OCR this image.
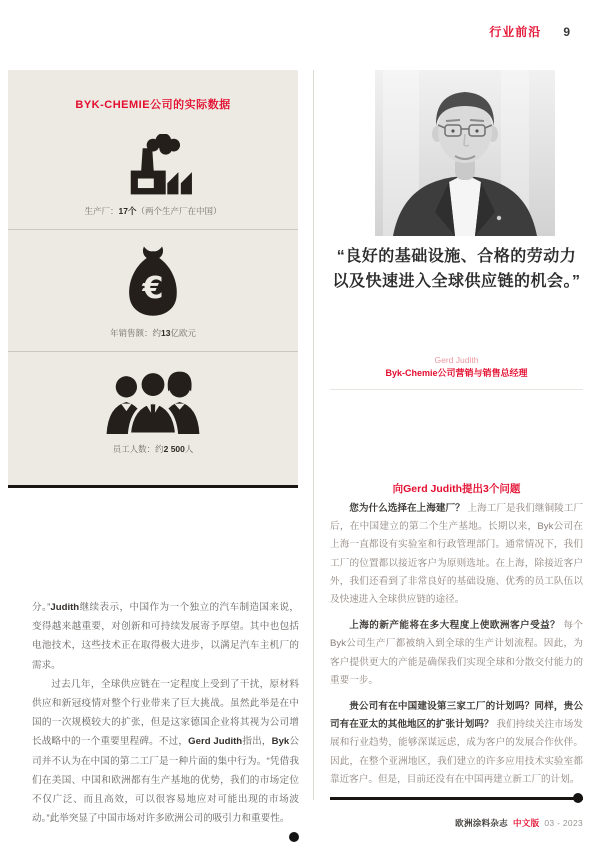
行业前沿 9
BYK-CHEMIE公司的实际数据
生产厂：17个（两个生产厂在中国）
€
年销售额：约13亿欧元
员工人数：约2 500人

分。”Judith继续表示，中国作为一个独立的汽车制造国来说，变得越来越重要，对创新和可持续发展寄予厚望。其中也包括电池技术，这些技术正在取得极大进步，以满足汽车主机厂的需求。

过去几年，全球供应链在一定程度上受到了干扰，原材料供应和新冠疫情对整个行业带来了巨大挑战。虽然此举是在中国的一次规模较大的扩张，但是这家德国企业将其视为公司增长战略中的一个重要里程碑。不过，Gerd Judith指出，Byk公司并不认为在中国的第二工厂是一种片面的集中行为。“凭借我们在美国、中国和欧洲都有生产基地的优势，我们的市场定位不仅广泛、而且高效，可以很容易地应对可能出现的市场波动。”此举突显了中国市场对许多欧洲公司的吸引力和重要性。
◂

“良好的基础设施、合格的劳动力以及快速进入全球供应链的机会。”
Gerd Judith
Byk-Chemie公司营销与销售总经理
向Gerd Judith提出3个问题

您为什么选择在上海建厂？ 上海工厂是我们继铜陵工厂后，在中国建立的第二个生产基地。长期以来，Byk公司在上海一直都设有实验室和行政管理部门。通常情况下，我们工厂的位置都以接近客户为原则选址。在上海，除接近客户外，我们还看到了非常良好的基础设施、优秀的员工队伍以及快速进入全球供应链的途径。

上海的新产能将在多大程度上使欧洲客户受益？ 每个Byk公司生产厂都被纳入到全球的生产计划流程。因此，为客户提供更大的产能是确保我们实现全球和分散交付能力的重要一步。

贵公司有在中国建设第三家工厂的计划吗？同样，贵公司有在亚太的其他地区的扩张计划吗？ 我们持续关注市场发展和行业趋势，能够深谋远虑，成为客户的发展合作伙伴。因此，在整个亚洲地区，我们建立的许多应用技术实验室都靠近客户。但是，目前还没有在中国再建立新工厂的计划。
◂

欧洲涂料杂志 中文版 03 - 2023
